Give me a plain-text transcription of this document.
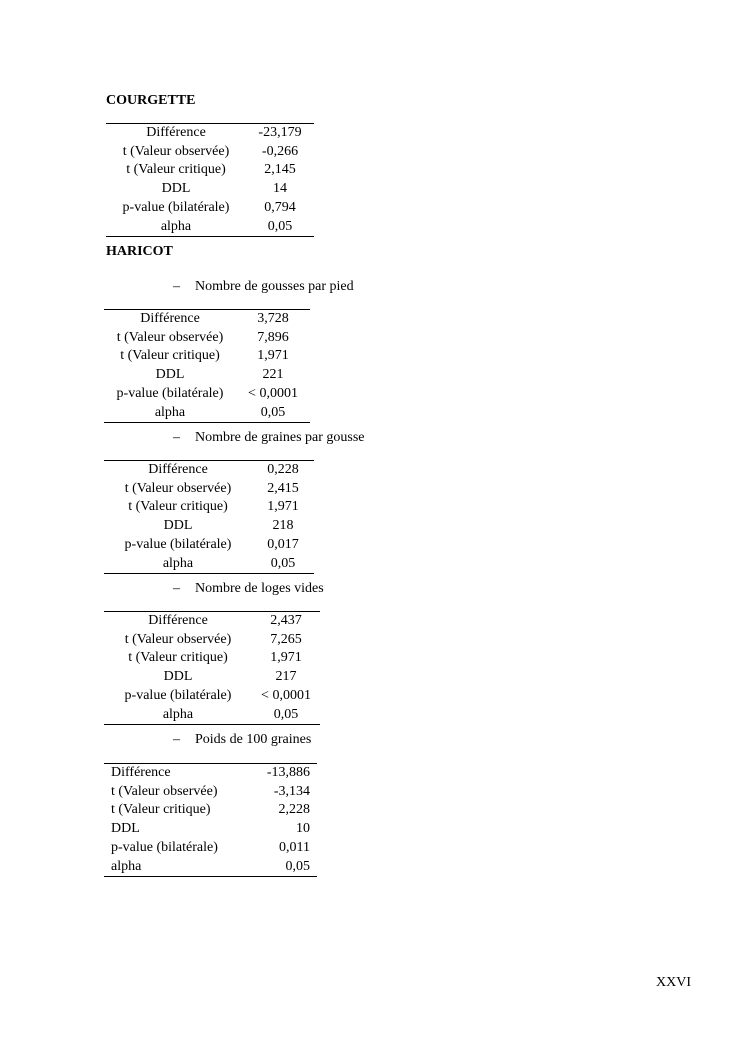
COURGETTE
Différence	-23,179
t (Valeur observée)	-0,266
t (Valeur critique)	2,145
DDL	14
p-value (bilatérale)	0,794
alpha	0,05
HARICOT

– Nombre de gousses par pied

Différence	3,728
t (Valeur observée)	7,896
t (Valeur critique)	1,971
DDL	221
p-value (bilatérale)	< 0,0001
alpha	0,05

– Nombre de graines par gousse

Différence	0,228
t (Valeur observée)	2,415
t (Valeur critique)	1,971
DDL	218
p-value (bilatérale)	0,017
alpha	0,05

– Nombre de loges vides

Différence	2,437
t (Valeur observée)	7,265
t (Valeur critique)	1,971
DDL	217
p-value (bilatérale)	< 0,0001
alpha	0,05

– Poids de 100 graines

Différence	-13,886
t (Valeur observée)	-3,134
t (Valeur critique)	2,228
DDL	10
p-value (bilatérale)	0,011
alpha	0,05

XXVI
